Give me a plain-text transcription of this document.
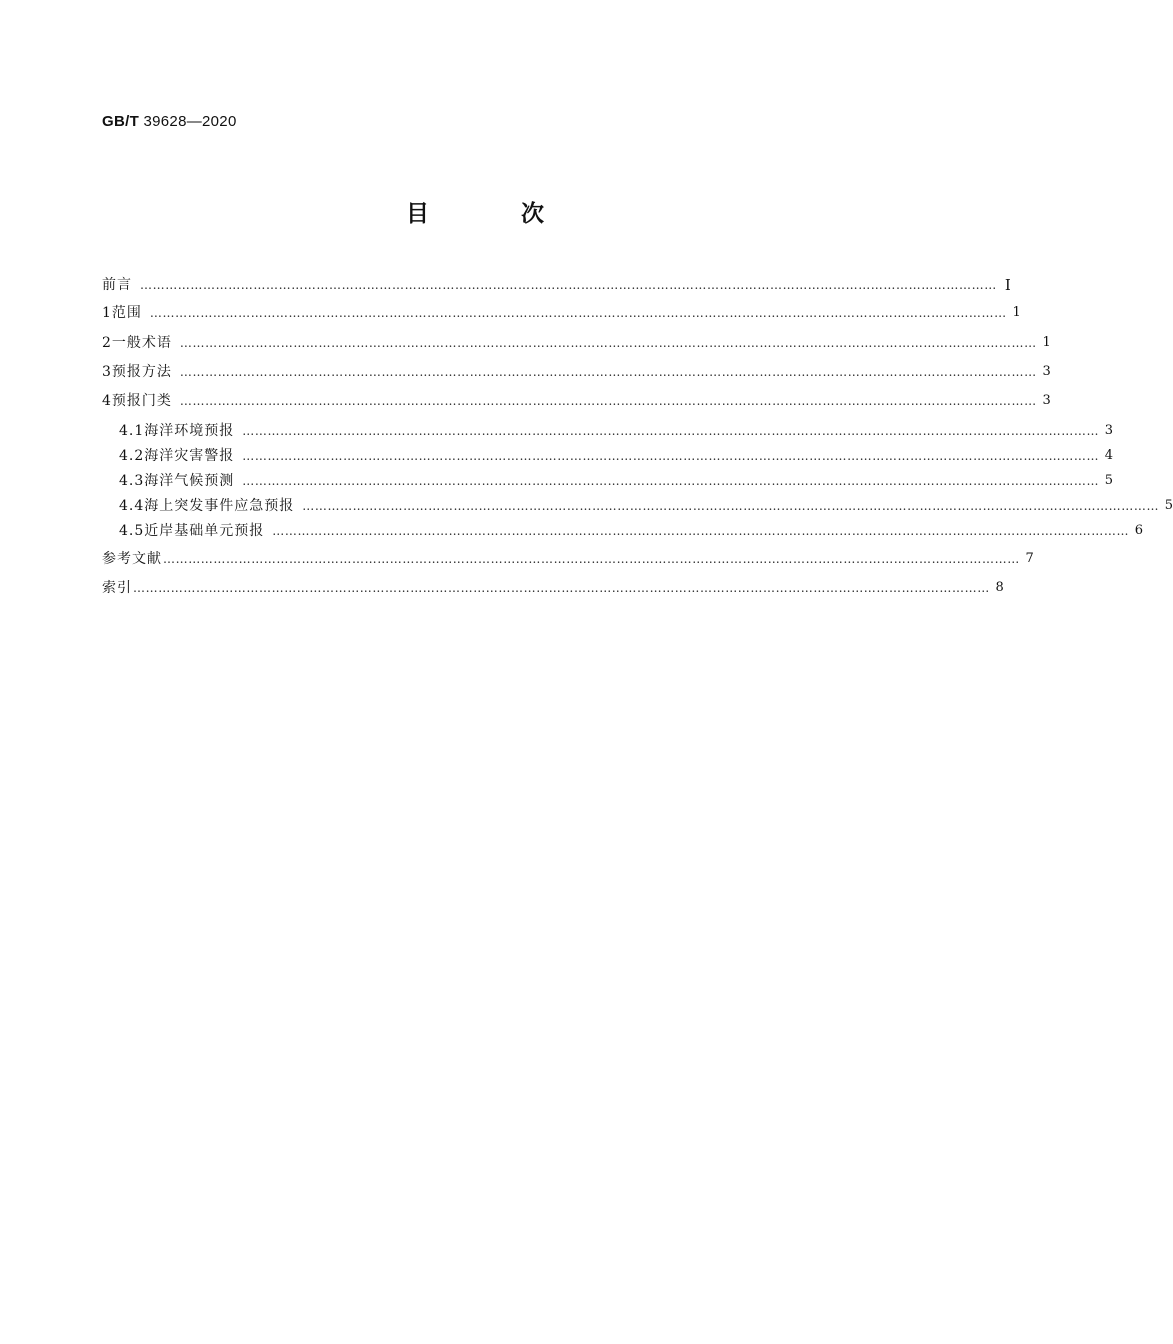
GB/T 39628—2020
目 次
前言 …………………………………………………………………………………………………………………………………………………………………………………… Ⅰ
1 范围 …………………………………………………………………………………………………………………………………………………………………………………… 1
2 一般术语 …………………………………………………………………………………………………………………………………………………………………………………… 1
3 预报方法 …………………………………………………………………………………………………………………………………………………………………………………… 3
4 预报门类 …………………………………………………………………………………………………………………………………………………………………………………… 3
4.1 海洋环境预报 …………………………………………………………………………………………………………………………………………………………………………………… 3
4.2 海洋灾害警报 …………………………………………………………………………………………………………………………………………………………………………………… 4
4.3 海洋气候预测 …………………………………………………………………………………………………………………………………………………………………………………… 5
4.4 海上突发事件应急预报 …………………………………………………………………………………………………………………………………………………………………………………… 5
4.5 近岸基础单元预报 …………………………………………………………………………………………………………………………………………………………………………………… 6
参考文献 …………………………………………………………………………………………………………………………………………………………………………………… 7
索引 …………………………………………………………………………………………………………………………………………………………………………………… 8
